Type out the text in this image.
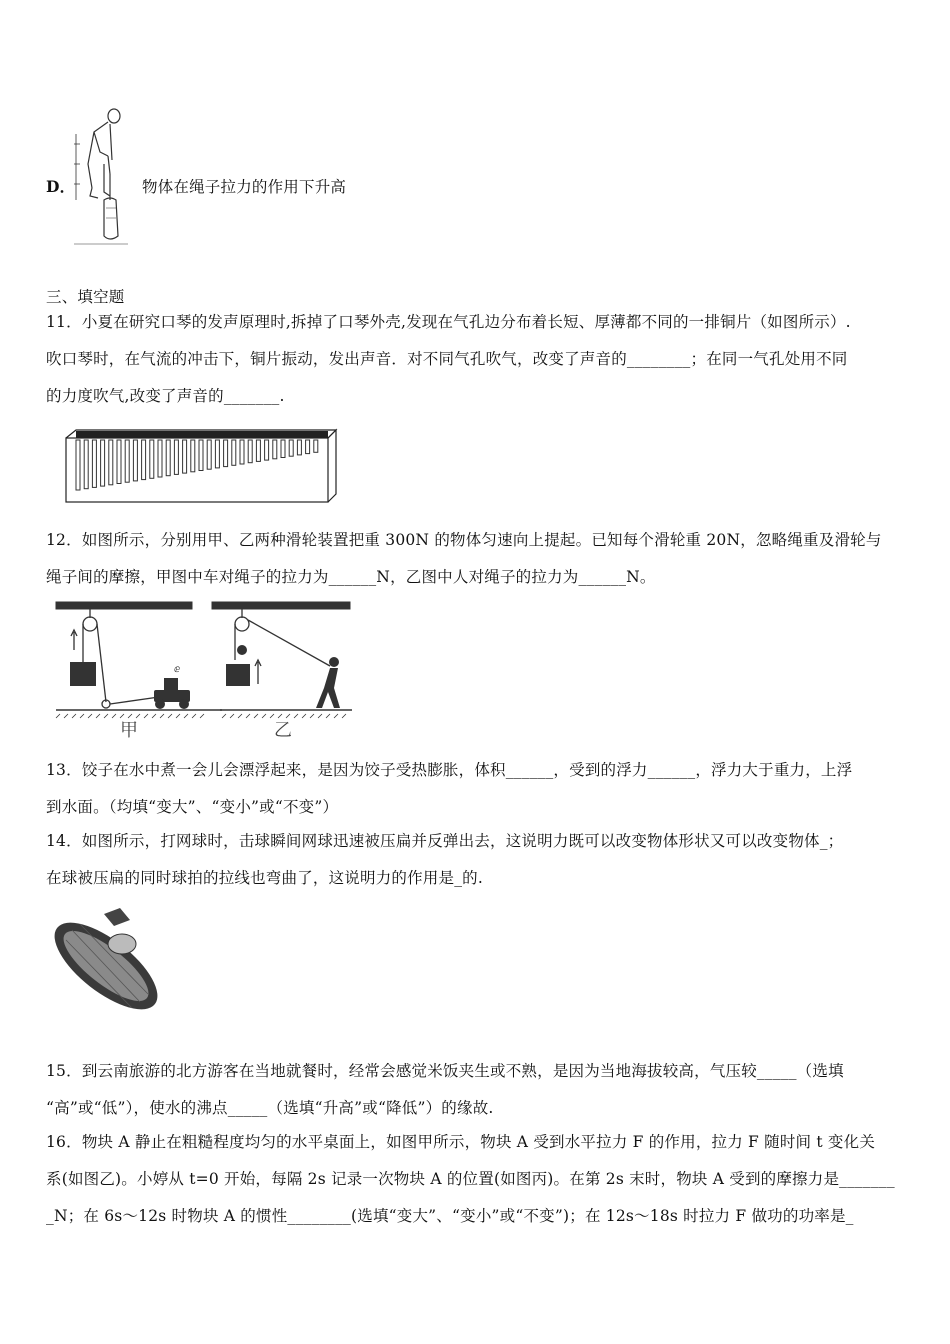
D．	物体在绳子拉力的作用下升高
三、填空题
11．小夏在研究口琴的发声原理时,拆掉了口琴外壳,发现在气孔边分布着长短、厚薄都不同的一排铜片（如图所示）.
吹口琴时，在气流的冲击下，铜片振动，发出声音．对不同气孔吹气，改变了声音的________；在同一气孔处用不同
的力度吹气,改变了声音的_______.
12．如图所示，分别用甲、乙两种滑轮装置把重 300N 的物体匀速向上提起。已知每个滑轮重 20N，忽略绳重及滑轮与
绳子间的摩擦，甲图中车对绳子的拉力为______N，乙图中人对绳子的拉力为______N。
ⅇ
甲	乙
13．饺子在水中煮一会儿会漂浮起来，是因为饺子受热膨胀，体积______，受到的浮力______，浮力大于重力，上浮
到水面。（均填“变大”、“变小”或“不变”）
14．如图所示，打网球时，击球瞬间网球迅速被压扁并反弹出去，这说明力既可以改变物体形状又可以改变物体_；
在球被压扁的同时球拍的拉线也弯曲了，这说明力的作用是_的.
15．到云南旅游的北方游客在当地就餐时，经常会感觉米饭夹生或不熟，是因为当地海拔较高，气压较_____（选填
“高”或“低”），使水的沸点_____（选填“升高”或“降低”）的缘故.
16．物块 A 静止在粗糙程度均匀的水平桌面上，如图甲所示，物块 A 受到水平拉力 F 的作用，拉力 F 随时间 t 变化关
系(如图乙)。小婷从 t=0 开始，每隔 2s 记录一次物块 A 的位置(如图丙)。在第 2s 末时，物块 A 受到的摩擦力是_______
_N；在 6s～12s 时物块 A 的惯性________(选填“变大”、“变小”或“不变”)；在 12s～18s 时拉力 F 做功的功率是_
